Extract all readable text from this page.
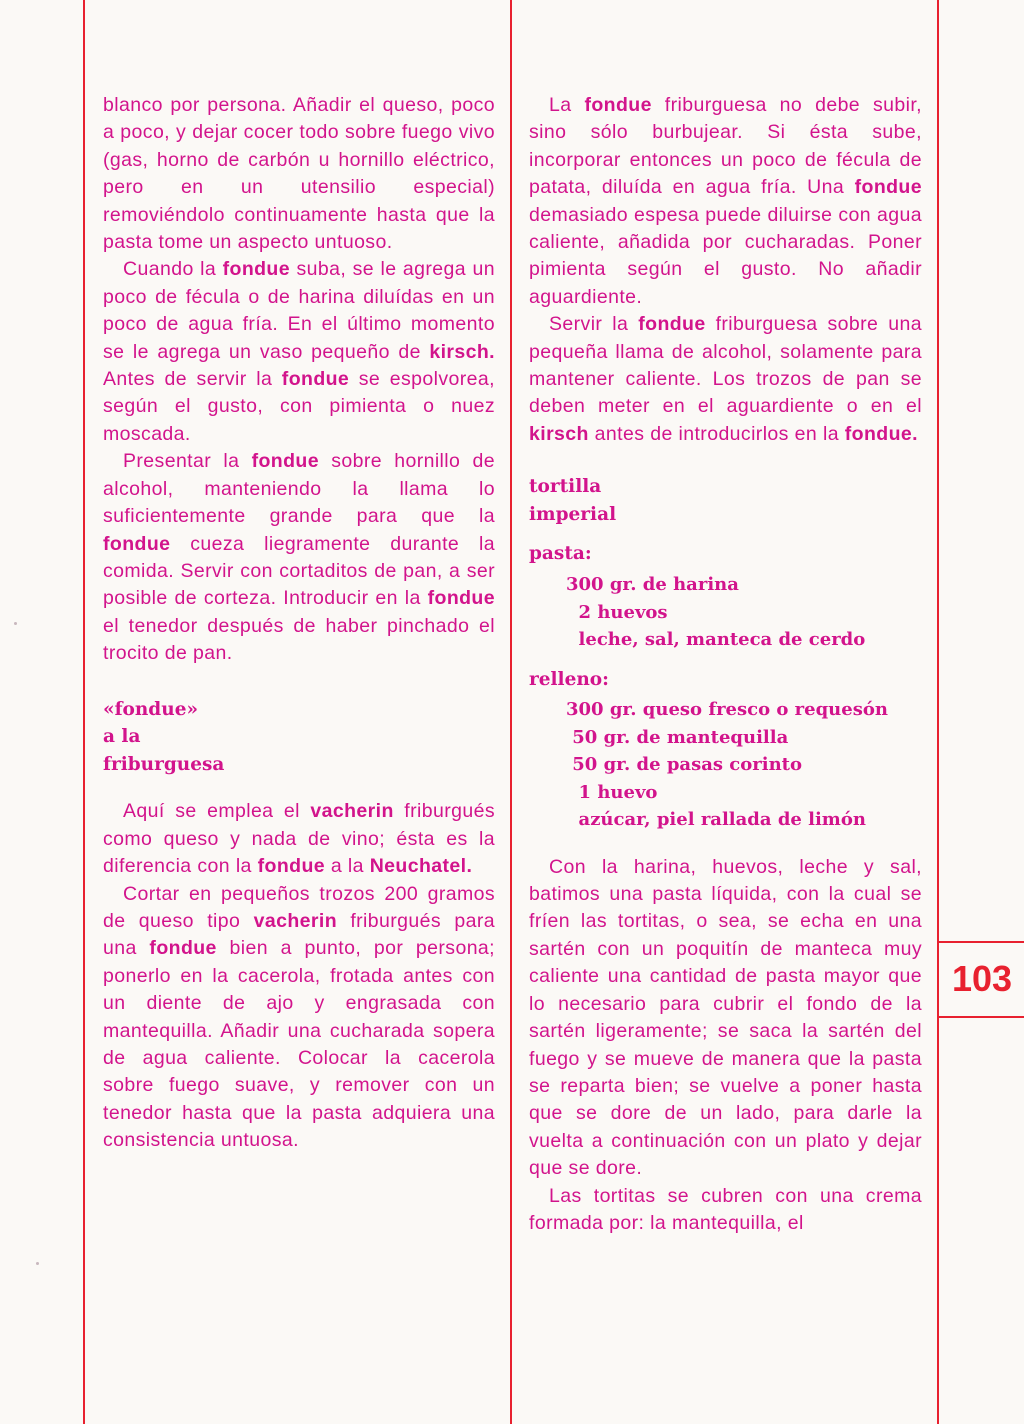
103

blanco por persona. Añadir el queso, poco a poco, y dejar cocer todo sobre fuego vivo (gas, horno de carbón u hornillo eléctrico, pero en un utensilio especial) removiéndolo continuamente hasta que la pasta tome un aspecto untuoso.

Cuando la fondue suba, se le agrega un poco de fécula o de harina diluídas en un poco de agua fría. En el último momento se le agrega un vaso pequeño de kirsch. Antes de servir la fondue se espolvorea, según el gusto, con pimienta o nuez moscada.

Presentar la fondue sobre hornillo de alcohol, manteniendo la llama lo suficientemente grande para que la fondue cueza liegramente durante la comida. Servir con cortaditos de pan, a ser posible de corteza. Introducir en la fondue el tenedor después de haber pinchado el trocito de pan.

«fondue»
a la
friburguesa

Aquí se emplea el vacherin friburgués como queso y nada de vino; ésta es la diferencia con la fondue a la Neuchatel.

Cortar en pequeños trozos 200 gramos de queso tipo vacherin friburgués para una fondue bien a punto, por persona; ponerlo en la cacerola, frotada antes con un diente de ajo y engrasada con mantequilla. Añadir una cucharada sopera de agua caliente. Colocar la cacerola sobre fuego suave, y remover con un tenedor hasta que la pasta adquiera una consistencia untuosa.

La fondue friburguesa no debe subir, sino sólo burbujear. Si ésta sube, incorporar entonces un poco de fécula de patata, diluída en agua fría. Una fondue demasiado espesa puede diluirse con agua caliente, añadida por cucharadas. Poner pimienta según el gusto. No añadir aguardiente.

Servir la fondue friburguesa sobre una pequeña llama de alcohol, solamente para mantener caliente. Los trozos de pan se deben meter en el aguardiente o en el kirsch antes de introducirlos en la fondue.

tortilla
imperial
pasta:
300 gr. de harina
2 huevos
leche, sal, manteca de cerdo
relleno:
300 gr. queso fresco o requesón
50 gr. de mantequilla
50 gr. de pasas corinto
1 huevo
azúcar, piel rallada de limón

Con la harina, huevos, leche y sal, batimos una pasta líquida, con la cual se fríen las tortitas, o sea, se echa en una sartén con un poquitín de manteca muy caliente una cantidad de pasta mayor que lo necesario para cubrir el fondo de la sartén ligeramente; se saca la sartén del fuego y se mueve de manera que la pasta se reparta bien; se vuelve a poner hasta que se dore de un lado, para darle la vuelta a continuación con un plato y dejar que se dore.

Las tortitas se cubren con una crema formada por: la mantequilla, el
